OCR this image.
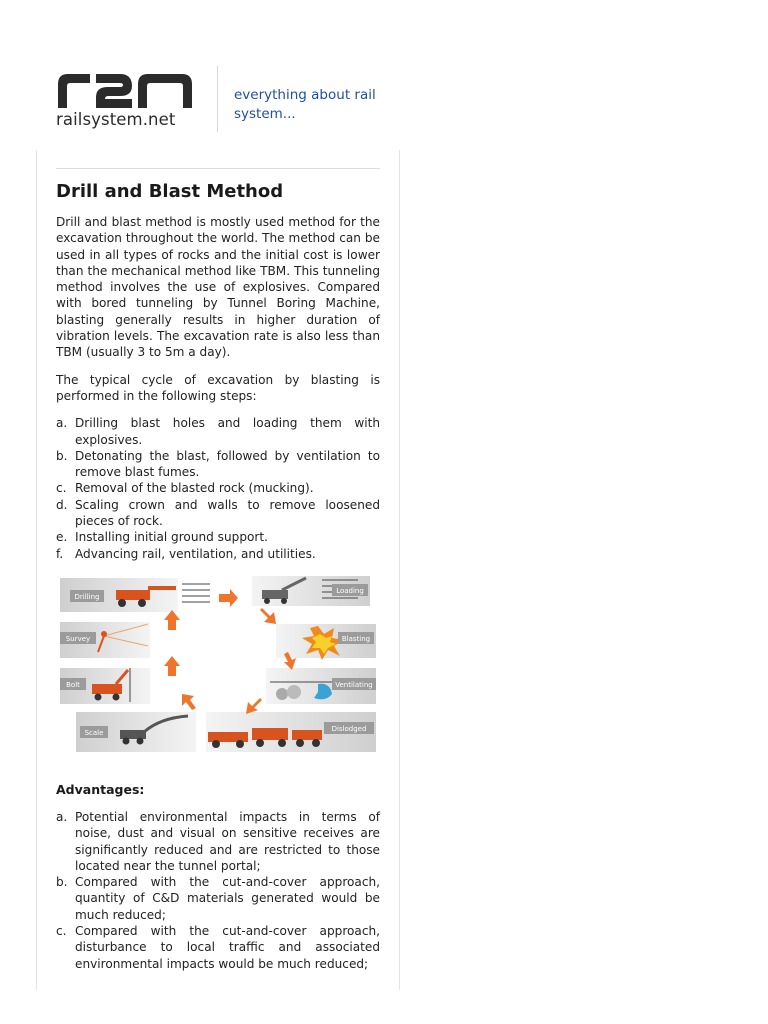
railsystem.net
everything about rail system...
Drill and Blast Method

Drill and blast method is mostly used method for the excavation throughout the world. The method can be used in all types of rocks and the initial cost is lower than the mechanical method like TBM. This tunneling method involves the use of explosives. Compared with bored tunneling by Tunnel Boring Machine, blasting generally results in higher duration of vibration levels. The excavation rate is also less than TBM (usually 3 to 5m a day).

The typical cycle of excavation by blasting is performed in the following steps:

a. Drilling blast holes and loading them with explosives.
b. Detonating the blast, followed by ventilation to remove blast fumes.
c. Removal of the blasted rock (mucking).
d. Scaling crown and walls to remove loosened pieces of rock.
e. Installing initial ground support.
f. Advancing rail, ventilation, and utilities.
Drilling
Loading
Survey	Blasting
Bolt	Ventilating
Scale	Dislodged
Advantages:
a. Potential environmental impacts in terms of noise, dust and visual on sensitive receives are significantly reduced and are restricted to those located near the tunnel portal;
b. Compared with the cut-and-cover approach, quantity of C&D materials generated would be much reduced;
c. Compared with the cut-and-cover approach, disturbance to local traffic and associated environmental impacts would be much reduced;
